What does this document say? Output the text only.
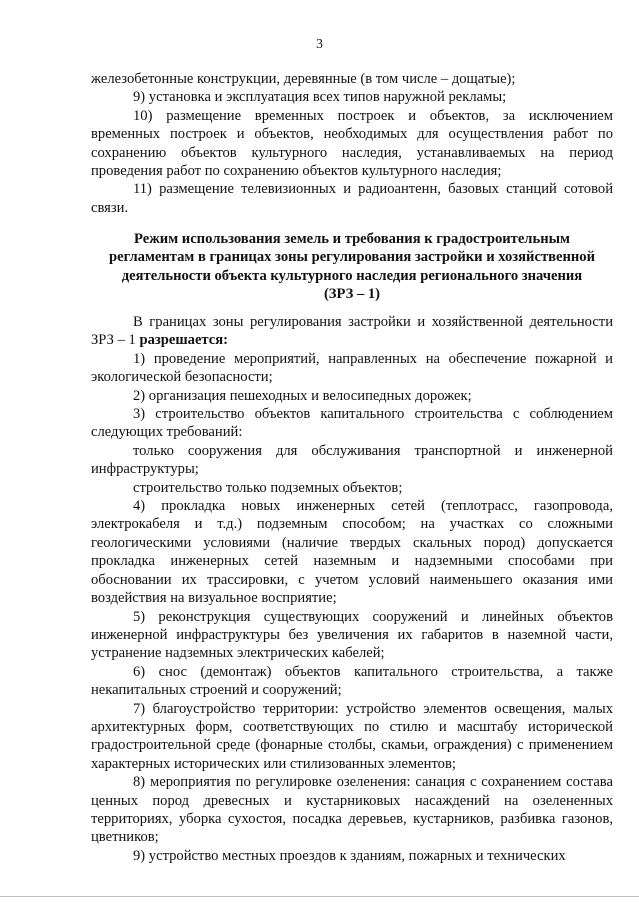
3

железобетонные конструкции, деревянные (в том числе – дощатые);

9) установка и эксплуатация всех типов наружной рекламы;

10) размещение временных построек и объектов, за исключением временных построек и объектов, необходимых для осуществления работ по сохранению объектов культурного наследия, устанавливаемых на период проведения работ по сохранению объектов культурного наследия;

11) размещение телевизионных и радиоантенн, базовых станций сотовой связи.

Режим использования земель и требования к градостроительным
регламентам в границах зоны регулирования застройки и хозяйственной
деятельности объекта культурного наследия регионального значения
(ЗРЗ – 1)

В границах зоны регулирования застройки и хозяйственной деятельности ЗРЗ – 1 разрешается:

1) проведение мероприятий, направленных на обеспечение пожарной и экологической безопасности;

2) организация пешеходных и велосипедных дорожек;

3) строительство объектов капитального строительства с соблюдением следующих требований:

только сооружения для обслуживания транспортной и инженерной инфраструктуры;

строительство только подземных объектов;

4) прокладка новых инженерных сетей (теплотрасс, газопровода, электрокабеля и т.д.) подземным способом; на участках со сложными геологическими условиями (наличие твердых скальных пород) допускается прокладка инженерных сетей наземным и надземными способами при обосновании их трассировки, с учетом условий наименьшего оказания ими воздействия на визуальное восприятие;

5) реконструкция существующих сооружений и линейных объектов инженерной инфраструктуры без увеличения их габаритов в наземной части, устранение надземных электрических кабелей;

6) снос (демонтаж) объектов капитального строительства, а также некапитальных строений и сооружений;

7) благоустройство территории: устройство элементов освещения, малых архитектурных форм, соответствующих по стилю и масштабу исторической градостроительной среде (фонарные столбы, скамьи, ограждения) с применением характерных исторических или стилизованных элементов;

8) мероприятия по регулировке озеленения: санация с сохранением состава ценных пород древесных и кустарниковых насаждений на озелененных территориях, уборка сухостоя, посадка деревьев, кустарников, разбивка газонов, цветников;

9) устройство местных проездов к зданиям, пожарных и технических
